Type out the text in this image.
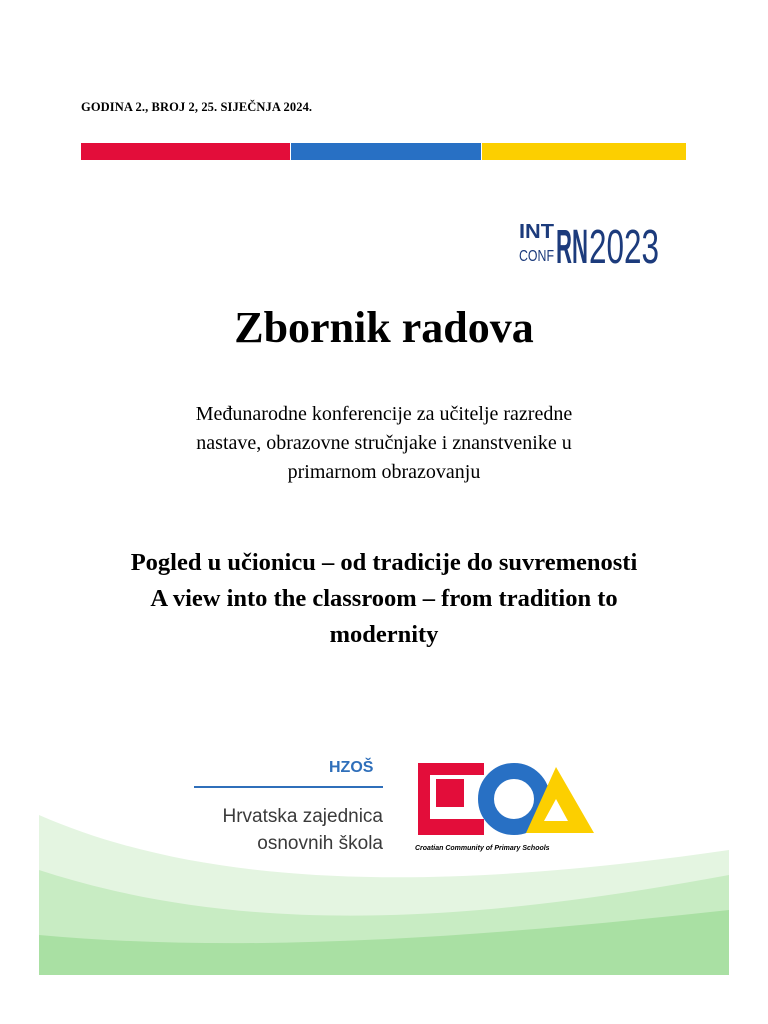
GODINA 2., BROJ 2, 25. SIJEČNJA 2024.
INT
CONF RN 2023
Zbornik radova
Međunarodne konferencije za učitelje razredne
nastave, obrazovne stručnjake i znanstvenike u
primarnom obrazovanju
Pogled u učionicu – od tradicije do suvremenosti
A view into the classroom – from tradition to
modernity
HZOŠ
Hrvatska zajednica
osnovnih škola	Croatian Community of Primary Schools
